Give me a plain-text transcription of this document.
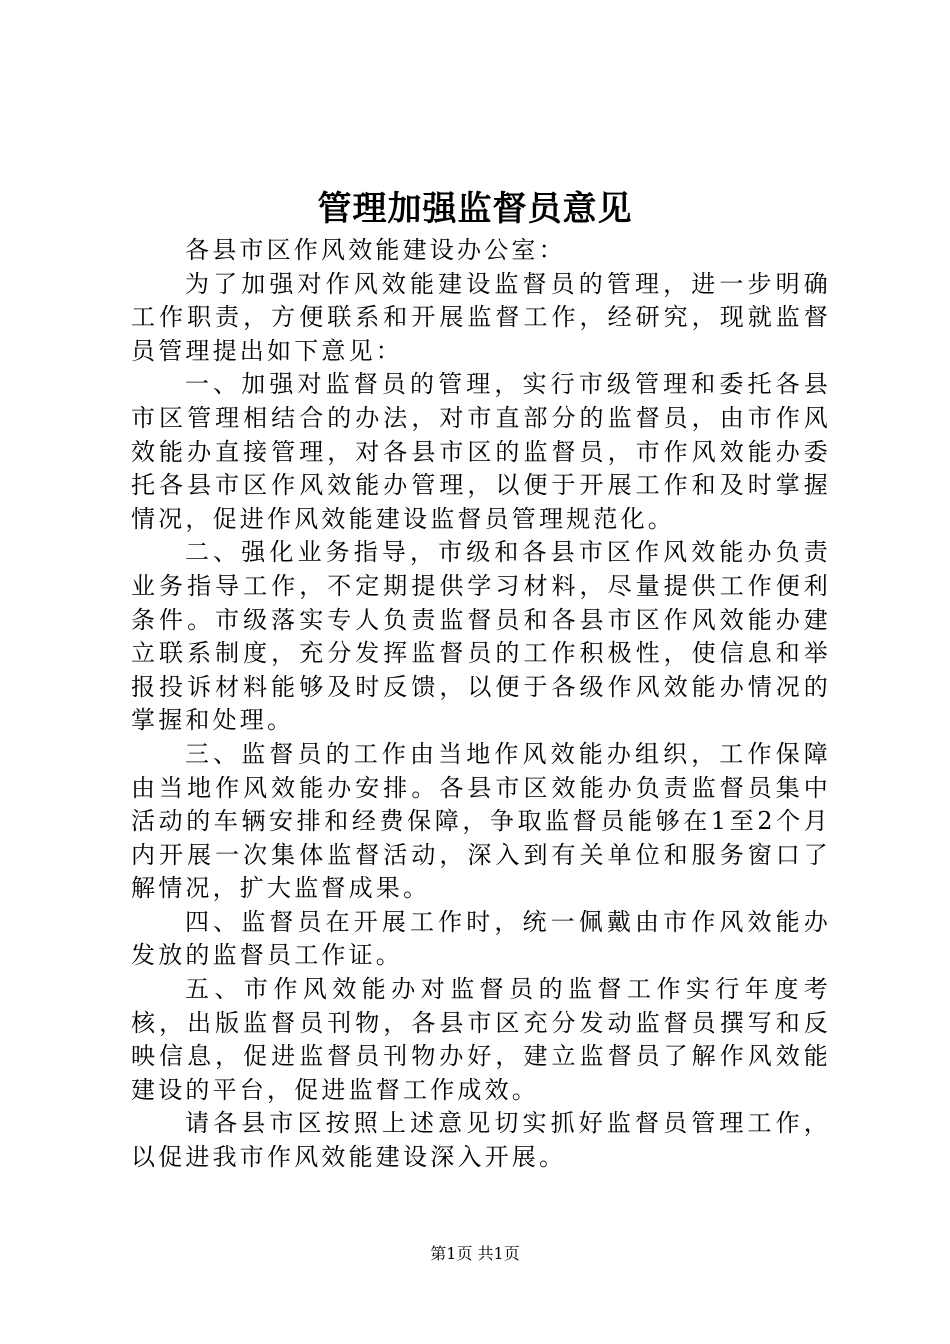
管理加强监督员意见

各县市区作风效能建设办公室：

为了加强对作风效能建设监督员的管理，进一步明确工作职责，方便联系和开展监督工作，经研究，现就监督员管理提出如下意见：

一、加强对监督员的管理，实行市级管理和委托各县市区管理相结合的办法，对市直部分的监督员，由市作风效能办直接管理，对各县市区的监督员，市作风效能办委托各县市区作风效能办管理，以便于开展工作和及时掌握情况，促进作风效能建设监督员管理规范化。

二、强化业务指导，市级和各县市区作风效能办负责业务指导工作，不定期提供学习材料，尽量提供工作便利条件。市级落实专人负责监督员和各县市区作风效能办建立联系制度，充分发挥监督员的工作积极性，使信息和举报投诉材料能够及时反馈，以便于各级作风效能办情况的掌握和处理。

三、监督员的工作由当地作风效能办组织，工作保障由当地作风效能办安排。各县市区效能办负责监督员集中活动的车辆安排和经费保障，争取监督员能够在1至2个月内开展一次集体监督活动，深入到有关单位和服务窗口了解情况，扩大监督成果。

四、监督员在开展工作时，统一佩戴由市作风效能办发放的监督员工作证。

五、市作风效能办对监督员的监督工作实行年度考核，出版监督员刊物，各县市区充分发动监督员撰写和反映信息，促进监督员刊物办好，建立监督员了解作风效能建设的平台，促进监督工作成效。

请各县市区按照上述意见切实抓好监督员管理工作，以促进我市作风效能建设深入开展。

第1页 共1页
